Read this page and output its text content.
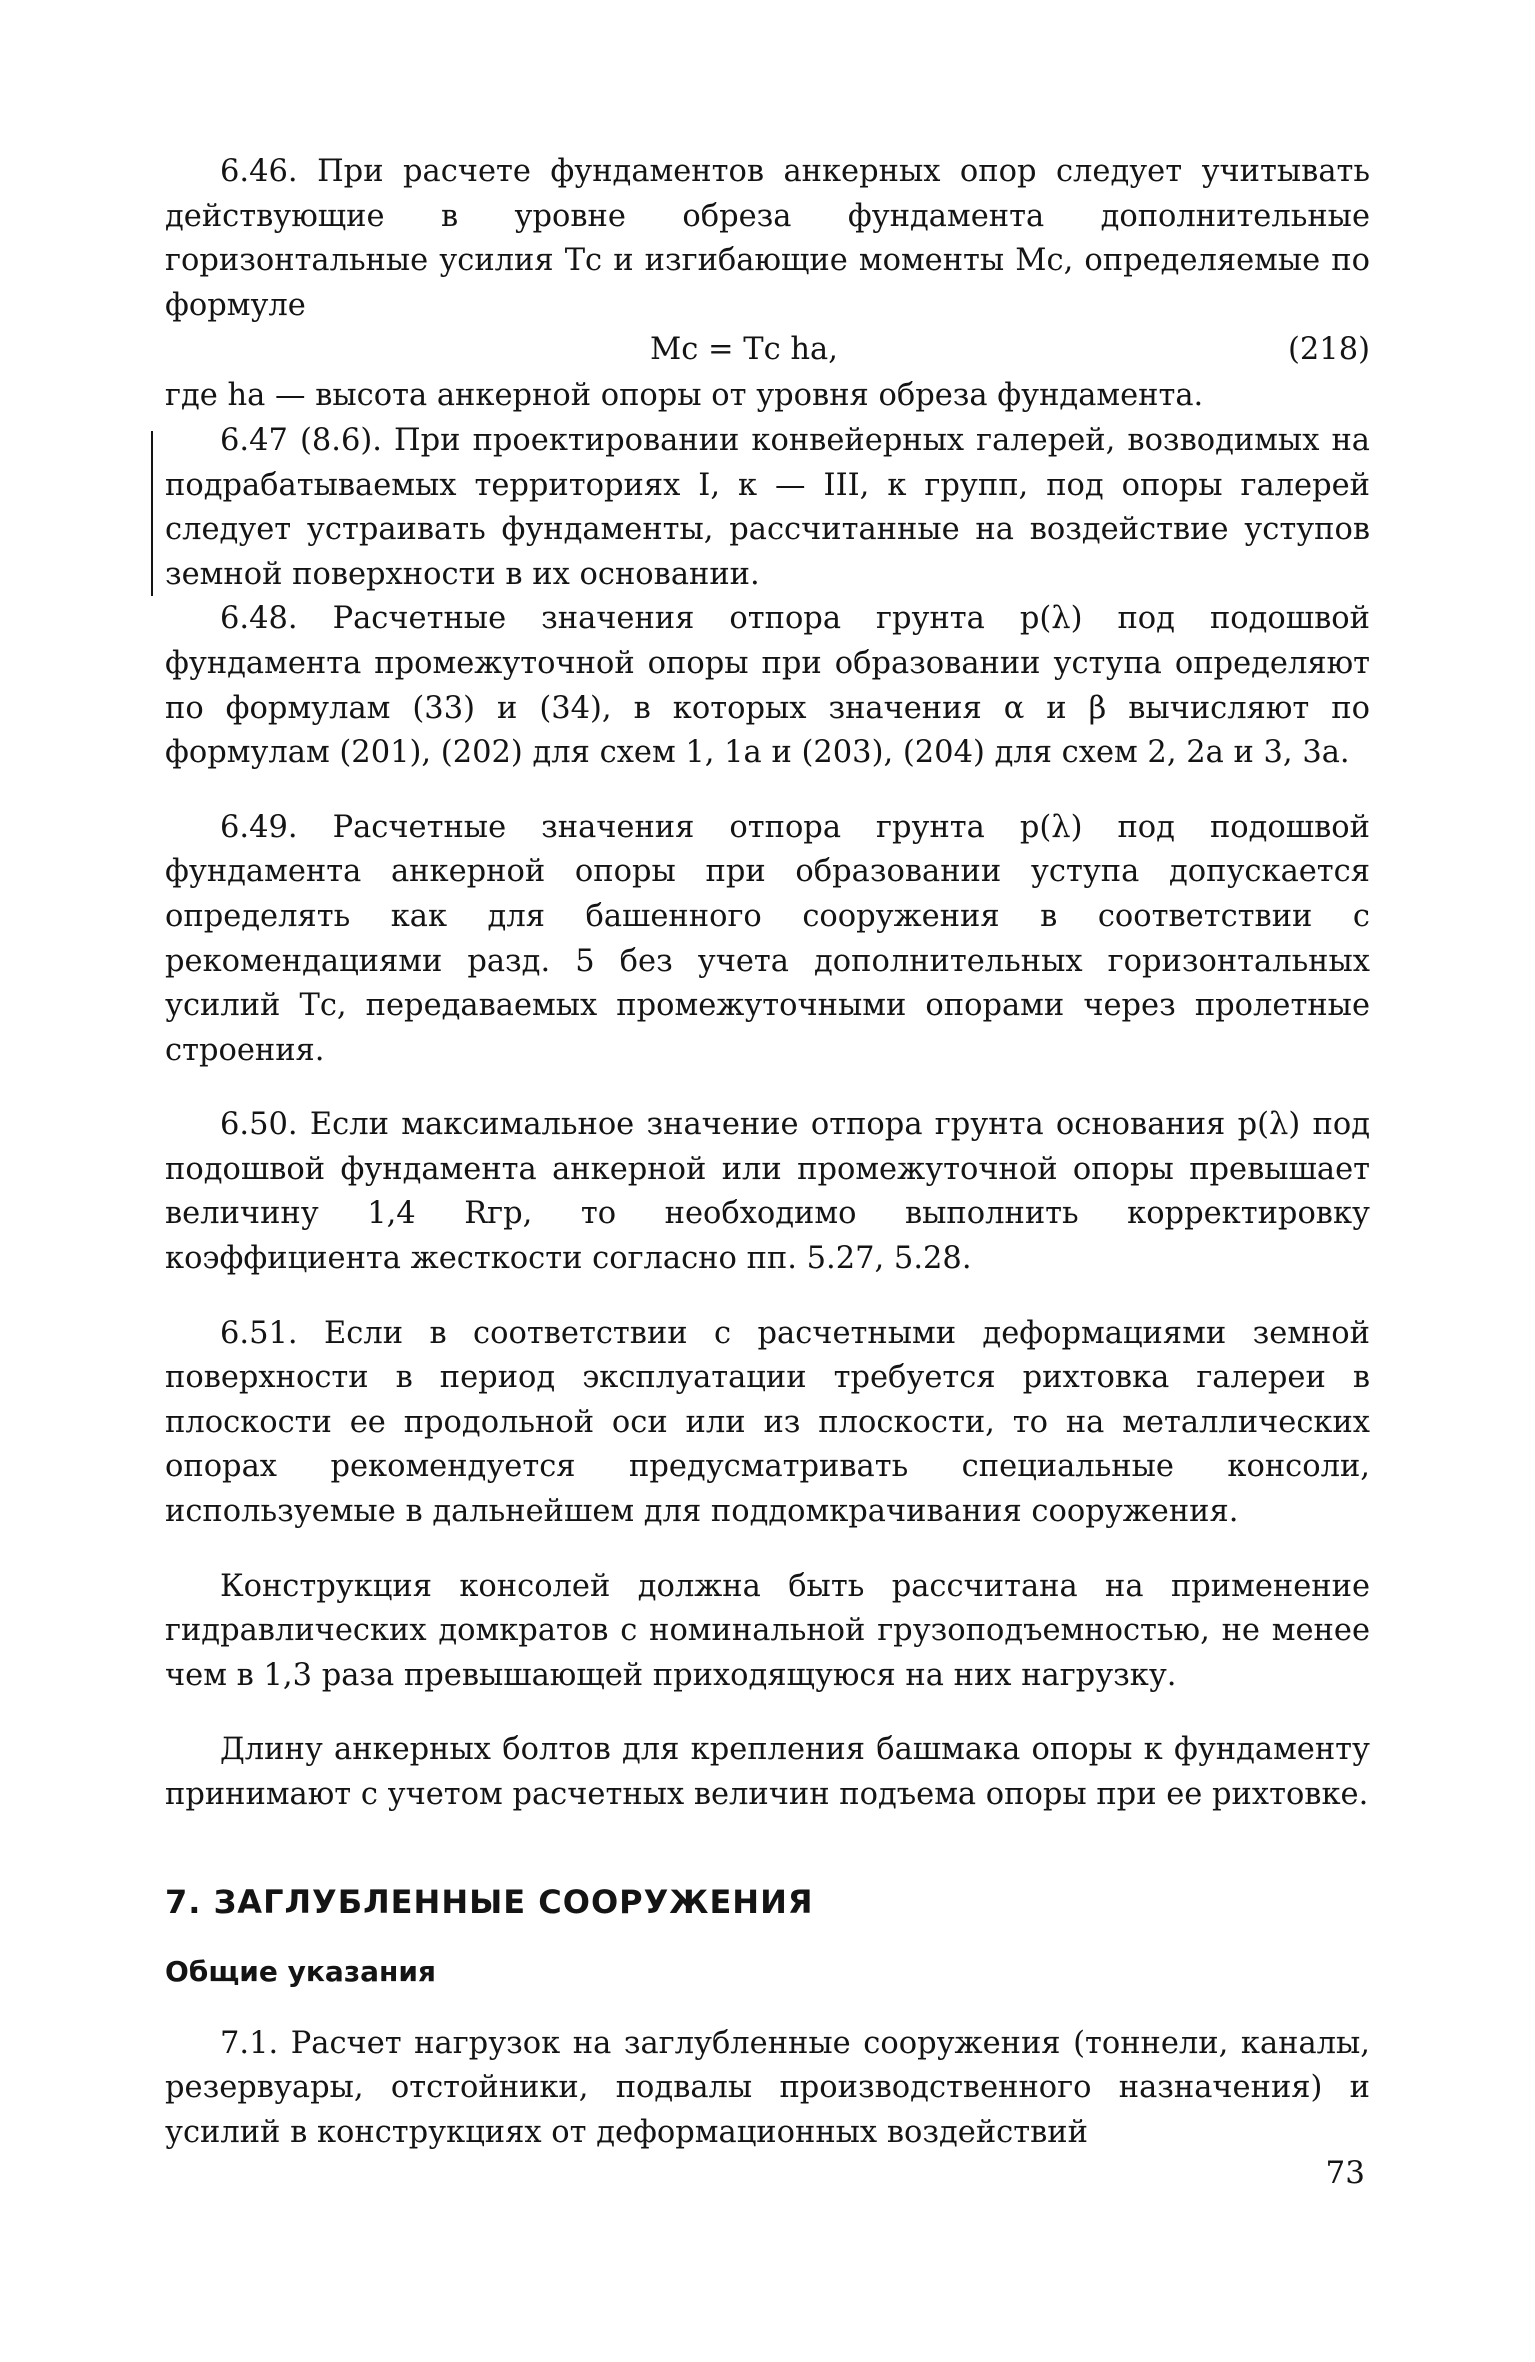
6.46. При расчете фундаментов анкерных опор следует учитывать действующие в уровне обреза фундамента дополнительные горизонтальные усилия Tс и изгибающие моменты Mс, определяемые по формуле

Mс = Tс hа,	(218)

где hа — высота анкерной опоры от уровня обреза фундамента.

6.47 (8.6). При проектировании конвейерных галерей, возводимых на подрабатываемых территориях I, к — III, к групп, под опоры галерей следует устраивать фундаменты, рассчитанные на воздействие уступов земной поверхности в их основании.

6.48. Расчетные значения отпора грунта p(λ) под подошвой фундамента промежуточной опоры при образовании уступа определяют по формулам (33) и (34), в которых значения α и β вычисляют по формулам (201), (202) для схем 1, 1а и (203), (204) для схем 2, 2а и 3, 3а.

6.49. Расчетные значения отпора грунта p(λ) под подошвой фундамента анкерной опоры при образовании уступа допускается определять как для башенного сооружения в соответствии с рекомендациями разд. 5 без учета дополнительных горизонтальных усилий Tс, передаваемых промежуточными опорами через пролетные строения.

6.50. Если максимальное значение отпора грунта основания p(λ) под подошвой фундамента анкерной или промежуточной опоры превышает величину 1,4 Rгр, то необходимо выполнить корректировку коэффициента жесткости согласно пп. 5.27, 5.28.

6.51. Если в соответствии с расчетными деформациями земной поверхности в период эксплуатации требуется рихтовка галереи в плоскости ее продольной оси или из плоскости, то на металлических опорах рекомендуется предусматривать специальные консоли, используемые в дальнейшем для поддомкрачивания сооружения.

Конструкция консолей должна быть рассчитана на применение гидравлических домкратов с номинальной грузоподъемностью, не менее чем в 1,3 раза превышающей приходящуюся на них нагрузку.

Длину анкерных болтов для крепления башмака опоры к фундаменту принимают с учетом расчетных величин подъема опоры при ее рихтовке.

7. ЗАГЛУБЛЕННЫЕ СООРУЖЕНИЯ
Общие указания

7.1. Расчет нагрузок на заглубленные сооружения (тоннели, каналы, резервуары, отстойники, подвалы производственного назначения) и усилий в конструкциях от деформационных воздействий

73
